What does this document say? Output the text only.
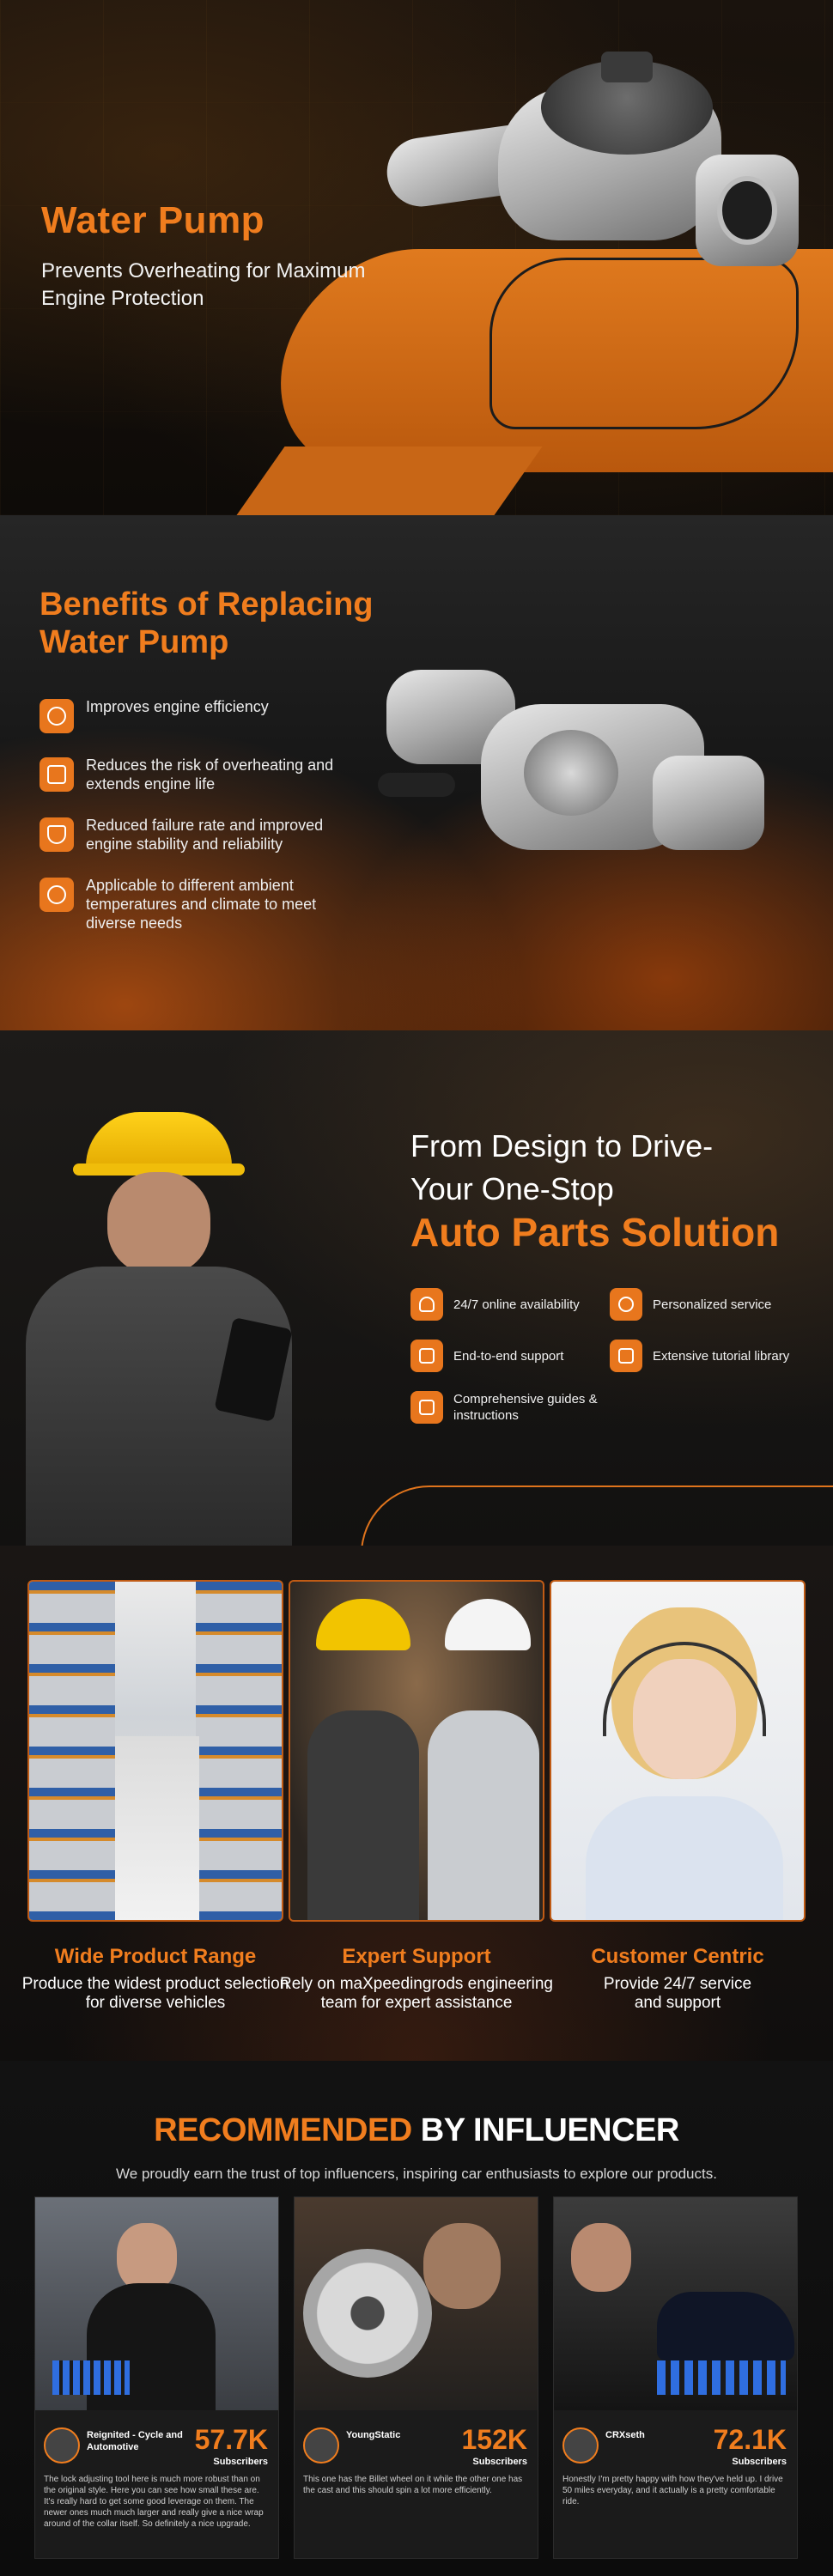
Water Pump
Prevents Overheating for Maximum Engine Protection
Benefits of Replacing
Water Pump
Improves engine efficiency
Reduces the risk of overheating and extends engine life
Reduced failure rate and improved engine stability and reliability
Applicable to different ambient temperatures and climate to meet diverse needs
From Design to Drive-
Your One-Stop
Auto Parts Solution
24/7 online availability	Personalized service
End-to-end support	Extensive tutorial library
Comprehensive guides & instructions
Wide Product Range
Produce the widest product selection for diverse vehicles
Expert Support
Rely on maXpeedingrods engineering team for expert assistance
Customer Centric
Provide 24/7 service and support
RECOMMENDED BY INFLUENCER
We proudly earn the trust of top influencers, inspiring car enthusiasts to explore our products.
Reignited - Cycle and Automotive	57.7K
Subscribers
The lock adjusting tool here is much more robust than on the original style. Here you can see how small these are. It's really hard to get some good leverage on them. The newer ones much much larger and really give a nice wrap around of the collar itself. So definitely a nice upgrade.
YoungStatic	152K
Subscribers
This one has the Billet wheel on it while the other one has the cast and this should spin a lot more efficiently.
CRXseth	72.1K
Subscribers
Honestly I'm pretty happy with how they've held up. I drive 50 miles everyday, and it actually is a pretty comfortable ride.
